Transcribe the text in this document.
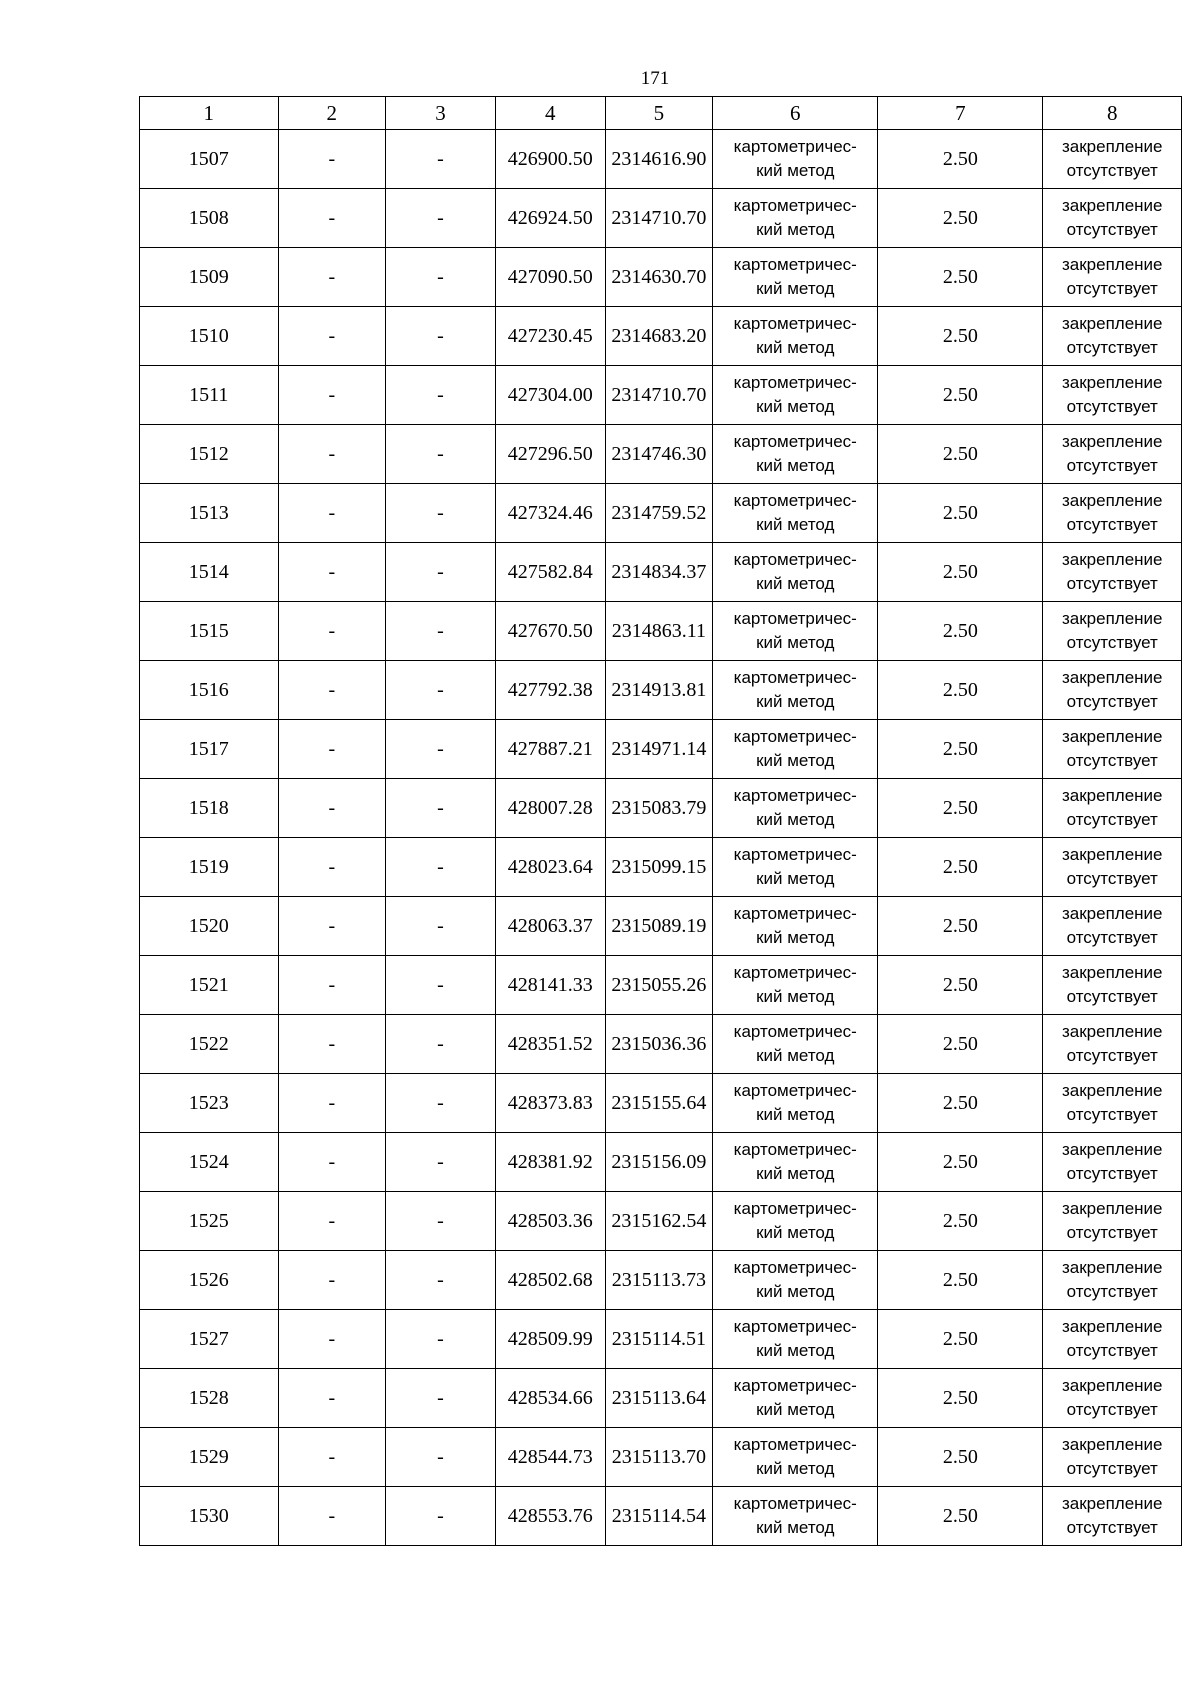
171
1	2	3	4	5	6	7	8
1507	-	-	426900.50	2314616.90	картометричес-
кий метод	2.50	закрепление
отсутствует

1508	-	-	426924.50	2314710.70	картометричес-
кий метод	2.50	закрепление
отсутствует

1509	-	-	427090.50	2314630.70	картометричес-
кий метод	2.50	закрепление
отсутствует

1510	-	-	427230.45	2314683.20	картометричес-
кий метод	2.50	закрепление
отсутствует

1511	-	-	427304.00	2314710.70	картометричес-
кий метод	2.50	закрепление
отсутствует

1512	-	-	427296.50	2314746.30	картометричес-
кий метод	2.50	закрепление
отсутствует

1513	-	-	427324.46	2314759.52	картометричес-
кий метод	2.50	закрепление
отсутствует

1514	-	-	427582.84	2314834.37	картометричес-
кий метод	2.50	закрепление
отсутствует

1515	-	-	427670.50	2314863.11	картометричес-
кий метод	2.50	закрепление
отсутствует

1516	-	-	427792.38	2314913.81	картометричес-
кий метод	2.50	закрепление
отсутствует

1517	-	-	427887.21	2314971.14	картометричес-
кий метод	2.50	закрепление
отсутствует

1518	-	-	428007.28	2315083.79	картометричес-
кий метод	2.50	закрепление
отсутствует

1519	-	-	428023.64	2315099.15	картометричес-
кий метод	2.50	закрепление
отсутствует

1520	-	-	428063.37	2315089.19	картометричес-
кий метод	2.50	закрепление
отсутствует

1521	-	-	428141.33	2315055.26	картометричес-
кий метод	2.50	закрепление
отсутствует

1522	-	-	428351.52	2315036.36	картометричес-
кий метод	2.50	закрепление
отсутствует

1523	-	-	428373.83	2315155.64	картометричес-
кий метод	2.50	закрепление
отсутствует

1524	-	-	428381.92	2315156.09	картометричес-
кий метод	2.50	закрепление
отсутствует

1525	-	-	428503.36	2315162.54	картометричес-
кий метод	2.50	закрепление
отсутствует

1526	-	-	428502.68	2315113.73	картометричес-
кий метод	2.50	закрепление
отсутствует

1527	-	-	428509.99	2315114.51	картометричес-
кий метод	2.50	закрепление
отсутствует

1528	-	-	428534.66	2315113.64	картометричес-
кий метод	2.50	закрепление
отсутствует

1529	-	-	428544.73	2315113.70	картометричес-
кий метод	2.50	закрепление
отсутствует

1530	-	-	428553.76	2315114.54	картометричес-
кий метод	2.50	закрепление
отсутствует
